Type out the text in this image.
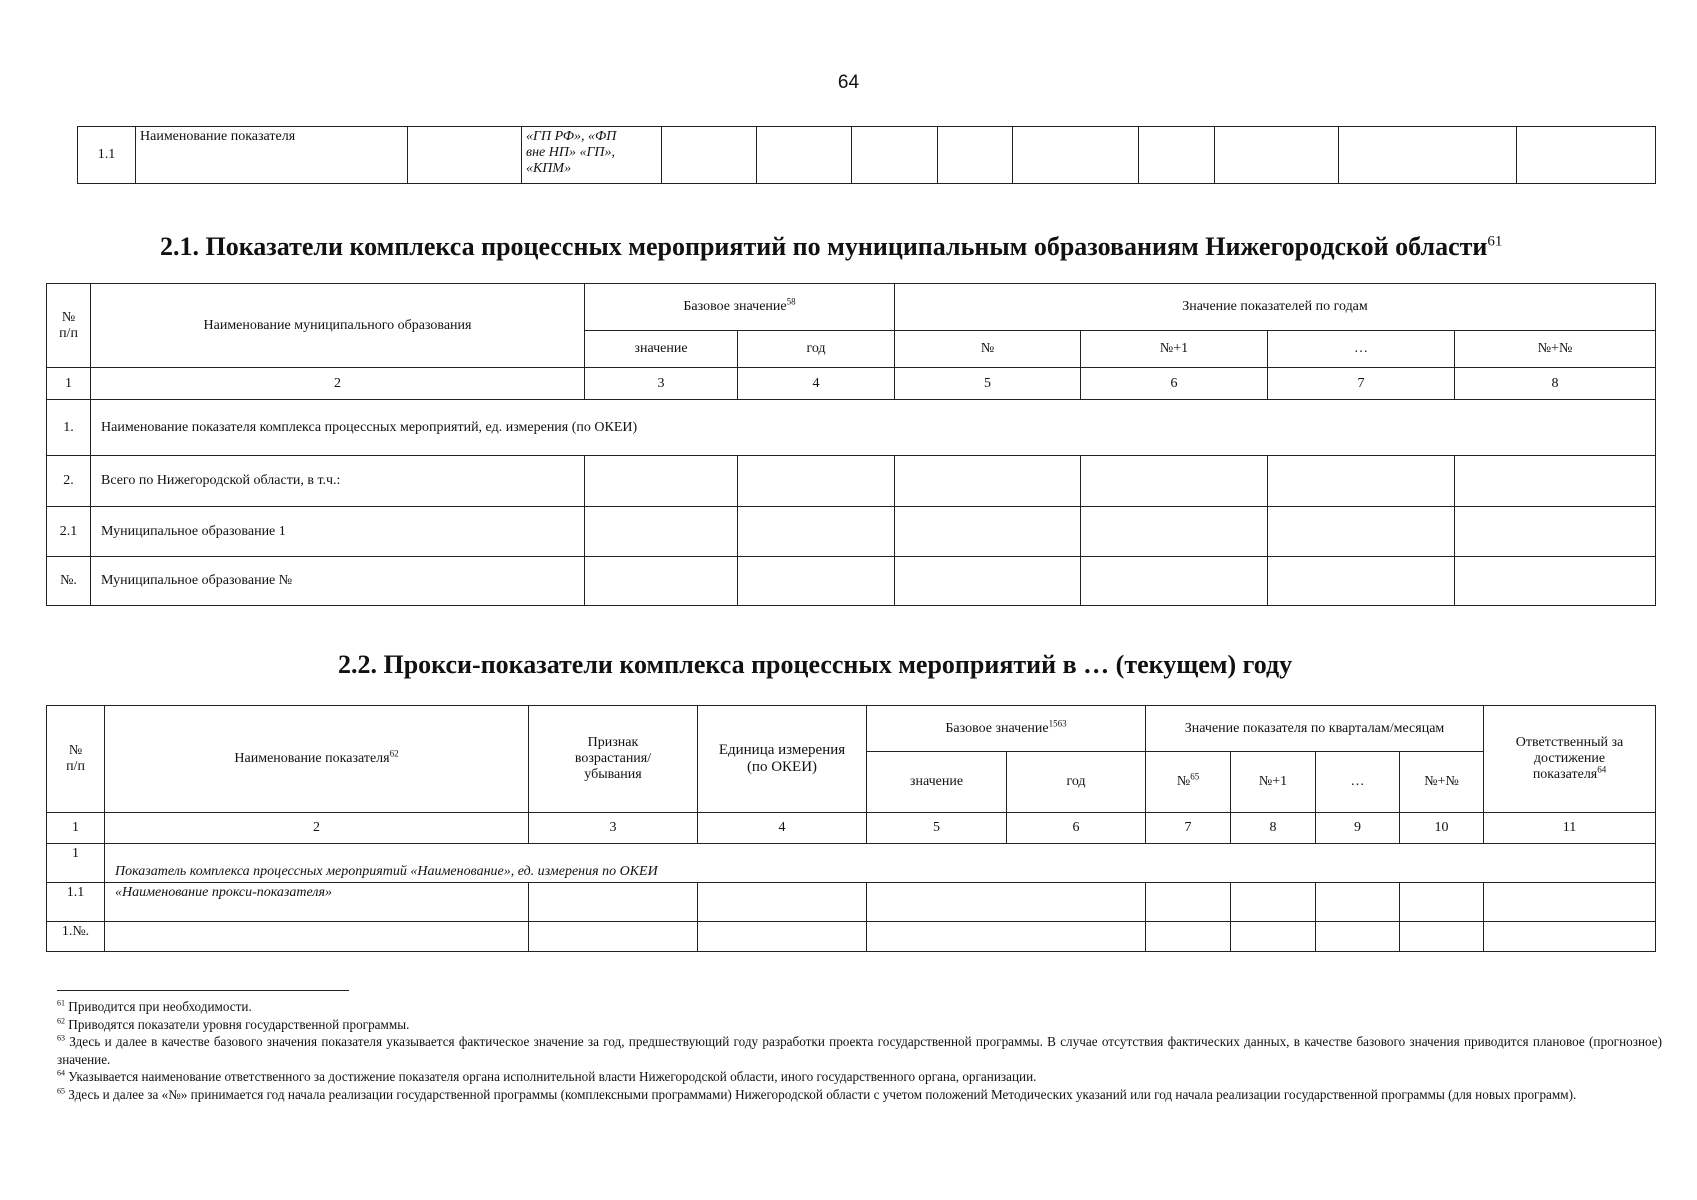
64
1.1	Наименование показателя		«ГП РФ», «ФП
вне НП» «ГП»,
«КПМ»

2.1. Показатели комплекса процессных мероприятий по муниципальным образованиям Нижегородской области$^{61}$
№
п/п	Наименование муниципального образования	Базовое значение$^{58}$		Значение показателей по годам			
		значение	год	№	№+1	…	№+№
1	2	3	4	5	6	7	8
1.	Наименование показателя комплекса процессных мероприятий, ед. измерения (по ОКЕИ)						
2.	Всего по Нижегородской области, в т.ч.:						
2.1	Муниципальное образование 1						
№.	Муниципальное образование №						
2.2. Прокси-показатели комплекса процессных мероприятий в … (текущем) году
№
п/п	Наименование показателя$^{62}$	Признак
возрастания/
убывания	Единица измерения
(по ОКЕИ)	Базовое значение$^{1563}$		Значение показателя по кварталам/месяцам				Ответственный за
достижение
показателя$^{64}$
				значение	год	№$^{65}$	№+1	…	№+№	
1	2	3	4	5	6	7	8	9	10	11
1	Показатель комплекса процессных мероприятий «Наименование», ед. измерения по ОКЕИ									
1.1	«Наименование прокси-показателя»									
1.№.										

$^{61}$ Приводится при необходимости.

$^{62}$ Приводятся показатели уровня государственной программы.

$^{63}$ Здесь и далее в качестве базового значения показателя указывается фактическое значение за год, предшествующий году разработки проекта государственной программы. В случае отсутствия фактических данных, в качестве базового значения приводится плановое (прогнозное) значение.

$^{64}$ Указывается наименование ответственного за достижение показателя органа исполнительной власти Нижегородской области, иного государственного органа, организации.

$^{65}$ Здесь и далее за «№» принимается год начала реализации государственной программы (комплексными программами) Нижегородской области с учетом положений Методических указаний или год начала реализации государственной программы (для новых программ).
